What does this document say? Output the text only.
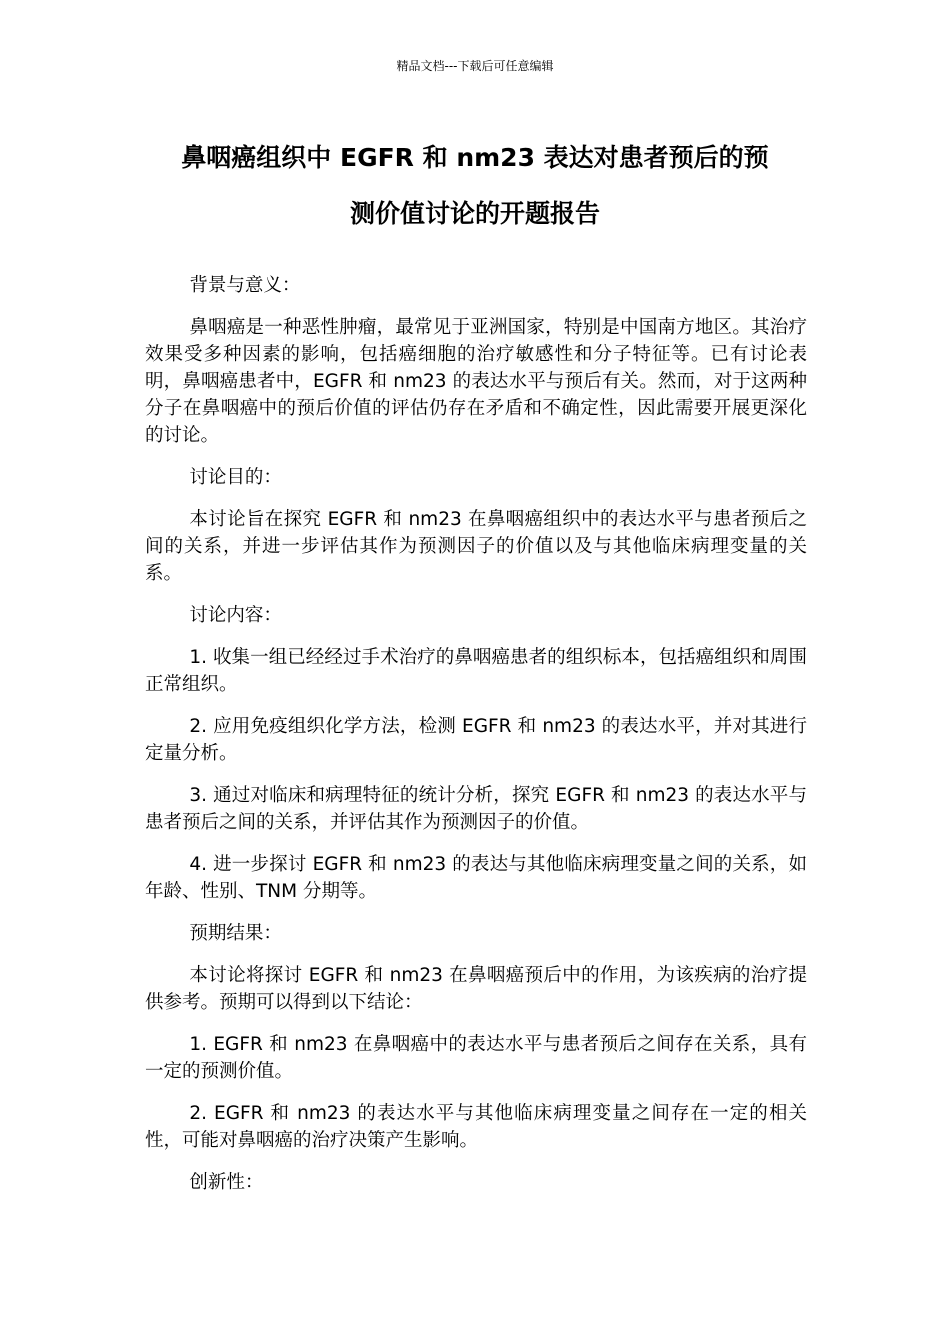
精品文档---下载后可任意编辑
鼻咽癌组织中 EGFR 和 nm23 表达对患者预后的预
测价值讨论的开题报告

背景与意义：

鼻咽癌是一种恶性肿瘤，最常见于亚洲国家，特别是中国南方地区。其治疗效果受多种因素的影响，包括癌细胞的治疗敏感性和分子特征等。已有讨论表明，鼻咽癌患者中，EGFR 和 nm23 的表达水平与预后有关。然而，对于这两种分子在鼻咽癌中的预后价值的评估仍存在矛盾和不确定性，因此需要开展更深化的讨论。

讨论目的：

本讨论旨在探究 EGFR 和 nm23 在鼻咽癌组织中的表达水平与患者预后之间的关系，并进一步评估其作为预测因子的价值以及与其他临床病理变量的关系。

讨论内容：

1. 收集一组已经经过手术治疗的鼻咽癌患者的组织标本，包括癌组织和周围正常组织。

2. 应用免疫组织化学方法，检测 EGFR 和 nm23 的表达水平，并对其进行定量分析。

3. 通过对临床和病理特征的统计分析，探究 EGFR 和 nm23 的表达水平与患者预后之间的关系，并评估其作为预测因子的价值。

4. 进一步探讨 EGFR 和 nm23 的表达与其他临床病理变量之间的关系，如年龄、性别、TNM 分期等。

预期结果：

本讨论将探讨 EGFR 和 nm23 在鼻咽癌预后中的作用，为该疾病的治疗提供参考。预期可以得到以下结论：

1. EGFR 和 nm23 在鼻咽癌中的表达水平与患者预后之间存在关系，具有一定的预测价值。

2. EGFR 和 nm23 的表达水平与其他临床病理变量之间存在一定的相关性，可能对鼻咽癌的治疗决策产生影响。

创新性：
